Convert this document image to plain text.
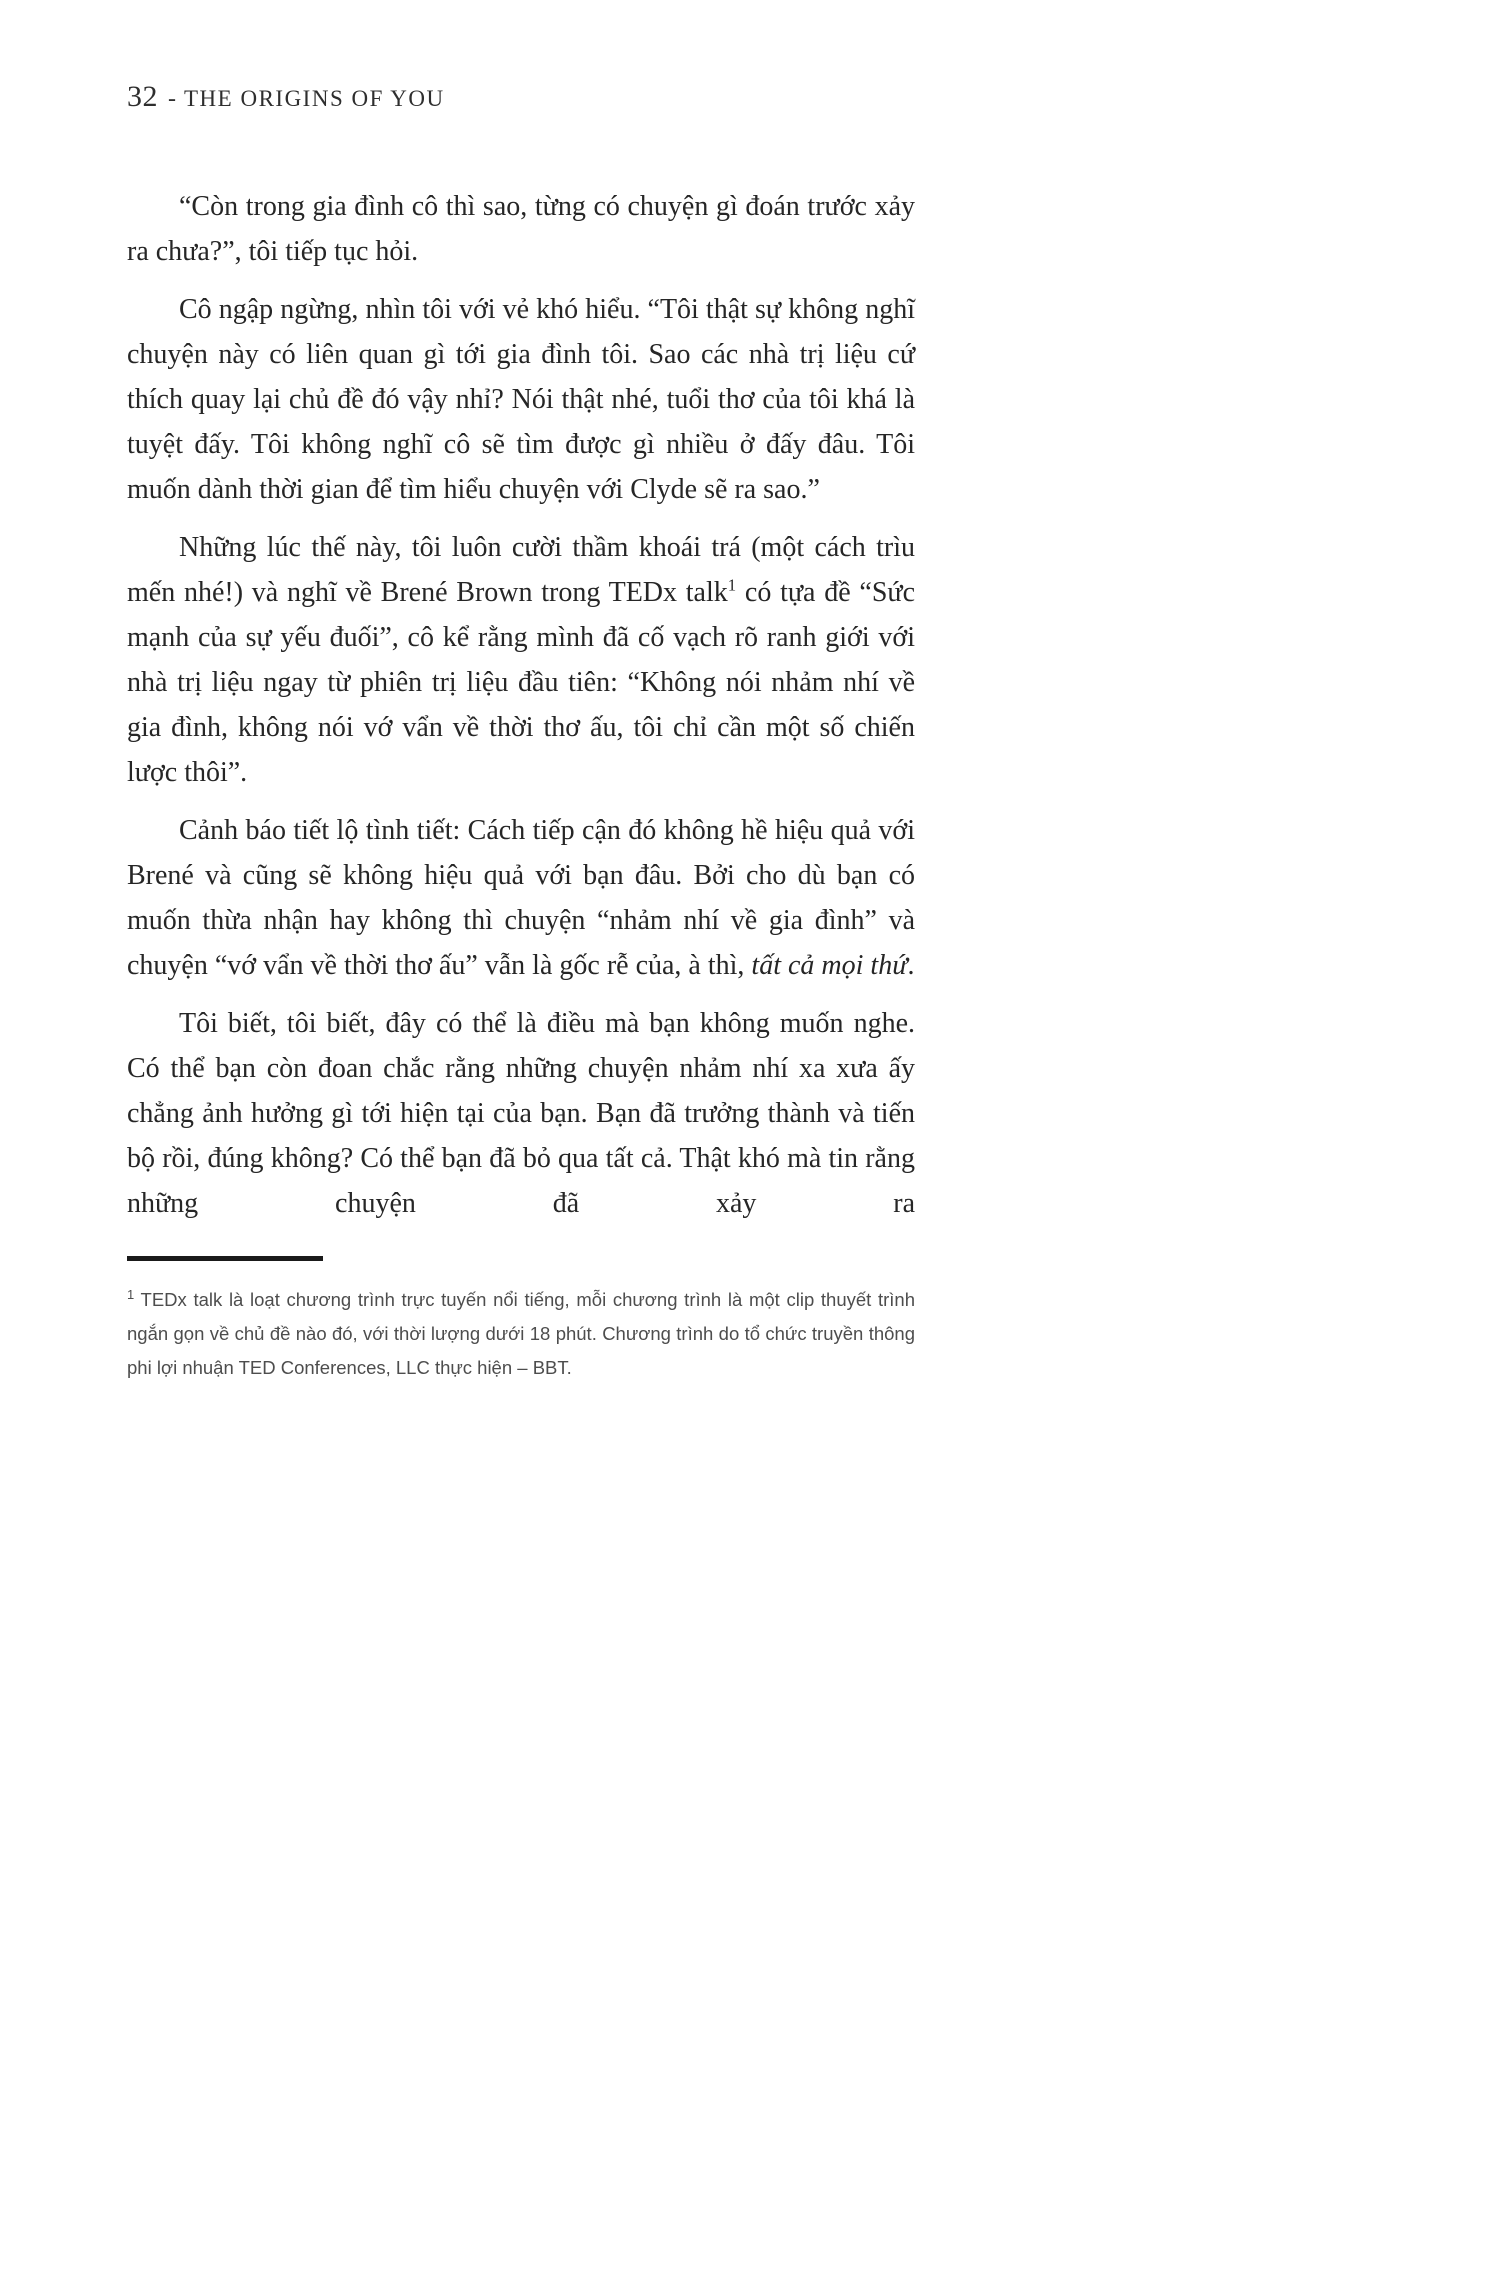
32 - THE ORIGINS OF YOU

“Còn trong gia đình cô thì sao, từng có chuyện gì đoán trước xảy ra chưa?”, tôi tiếp tục hỏi.

Cô ngập ngừng, nhìn tôi với vẻ khó hiểu. “Tôi thật sự không nghĩ chuyện này có liên quan gì tới gia đình tôi. Sao các nhà trị liệu cứ thích quay lại chủ đề đó vậy nhỉ? Nói thật nhé, tuổi thơ của tôi khá là tuyệt đấy. Tôi không nghĩ cô sẽ tìm được gì nhiều ở đấy đâu. Tôi muốn dành thời gian để tìm hiểu chuyện với Clyde sẽ ra sao.”

Những lúc thế này, tôi luôn cười thầm khoái trá (một cách trìu mến nhé!) và nghĩ về Brené Brown trong TEDx talk$^1$ có tựa đề “Sức mạnh của sự yếu đuối”, cô kể rằng mình đã cố vạch rõ ranh giới với nhà trị liệu ngay từ phiên trị liệu đầu tiên: “Không nói nhảm nhí về gia đình, không nói vớ vẩn về thời thơ ấu, tôi chỉ cần một số chiến lược thôi”.

Cảnh báo tiết lộ tình tiết: Cách tiếp cận đó không hề hiệu quả với Brené và cũng sẽ không hiệu quả với bạn đâu. Bởi cho dù bạn có muốn thừa nhận hay không thì chuyện “nhảm nhí về gia đình” và chuyện “vớ vẩn về thời thơ ấu” vẫn là gốc rễ của, à thì, tất cả mọi thứ.

Tôi biết, tôi biết, đây có thể là điều mà bạn không muốn nghe. Có thể bạn còn đoan chắc rằng những chuyện nhảm nhí xa xưa ấy chẳng ảnh hưởng gì tới hiện tại của bạn. Bạn đã trưởng thành và tiến bộ rồi, đúng không? Có thể bạn đã bỏ qua tất cả. Thật khó mà tin rằng những chuyện đã xảy ra

$^1$ TEDx talk là loạt chương trình trực tuyến nổi tiếng, mỗi chương trình là một clip thuyết trình ngắn gọn về chủ đề nào đó, với thời lượng dưới 18 phút. Chương trình do tổ chức truyền thông phi lợi nhuận TED Conferences, LLC thực hiện – BBT.
